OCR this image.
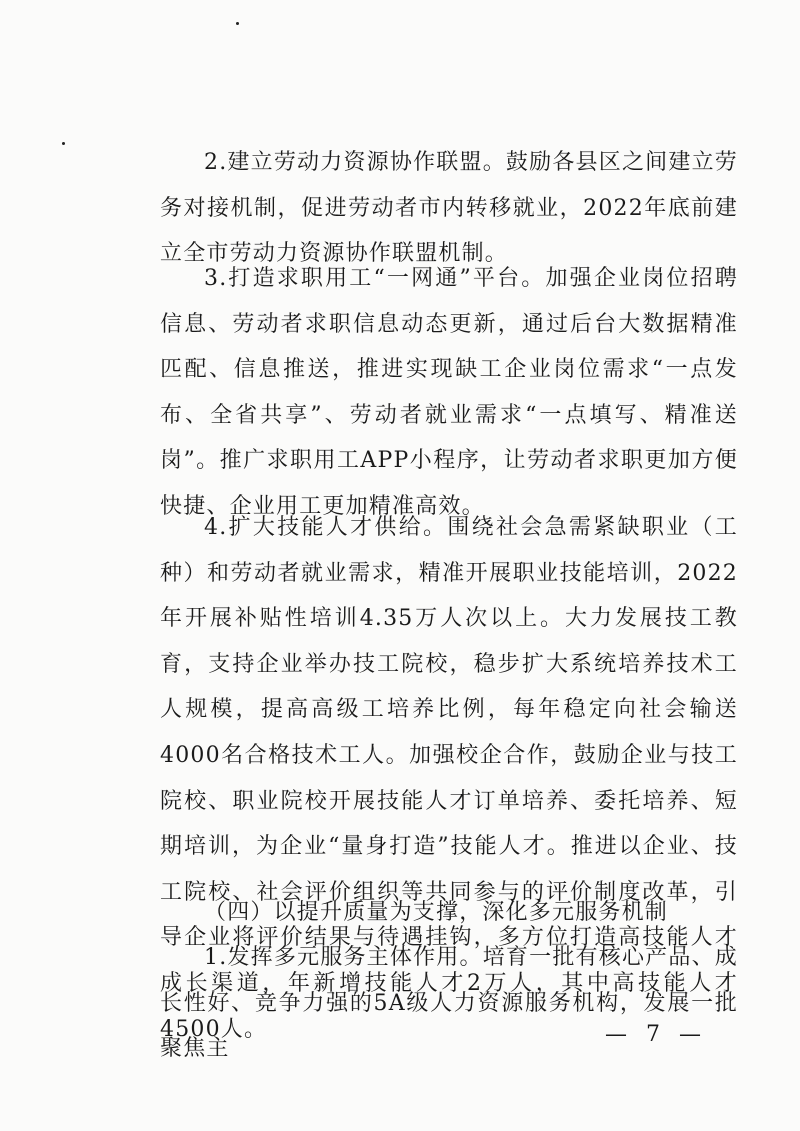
2.建立劳动力资源协作联盟。鼓励各县区之间建立劳务对接机制，促进劳动者市内转移就业，2022年底前建立全市劳动力资源协作联盟机制。

3.打造求职用工“一网通”平台。加强企业岗位招聘信息、劳动者求职信息动态更新，通过后台大数据精准匹配、信息推送，推进实现缺工企业岗位需求“一点发布、全省共享”、劳动者就业需求“一点填写、精准送岗”。推广求职用工APP小程序，让劳动者求职更加方便快捷、企业用工更加精准高效。

4.扩大技能人才供给。围绕社会急需紧缺职业（工种）和劳动者就业需求，精准开展职业技能培训，2022年开展补贴性培训4.35万人次以上。大力发展技工教育，支持企业举办技工院校，稳步扩大系统培养技术工人规模，提高高级工培养比例，每年稳定向社会输送4000名合格技术工人。加强校企合作，鼓励企业与技工院校、职业院校开展技能人才订单培养、委托培养、短期培训，为企业“量身打造”技能人才。推进以企业、技工院校、社会评价组织等共同参与的评价制度改革，引导企业将评价结果与待遇挂钩，多方位打造高技能人才成长渠道，年新增技能人才2万人，其中高技能人才4500人。

（四）以提升质量为支撑，深化多元服务机制

1.发挥多元服务主体作用。培育一批有核心产品、成长性好、竞争力强的5A级人力资源服务机构，发展一批聚焦主

— 7 —
